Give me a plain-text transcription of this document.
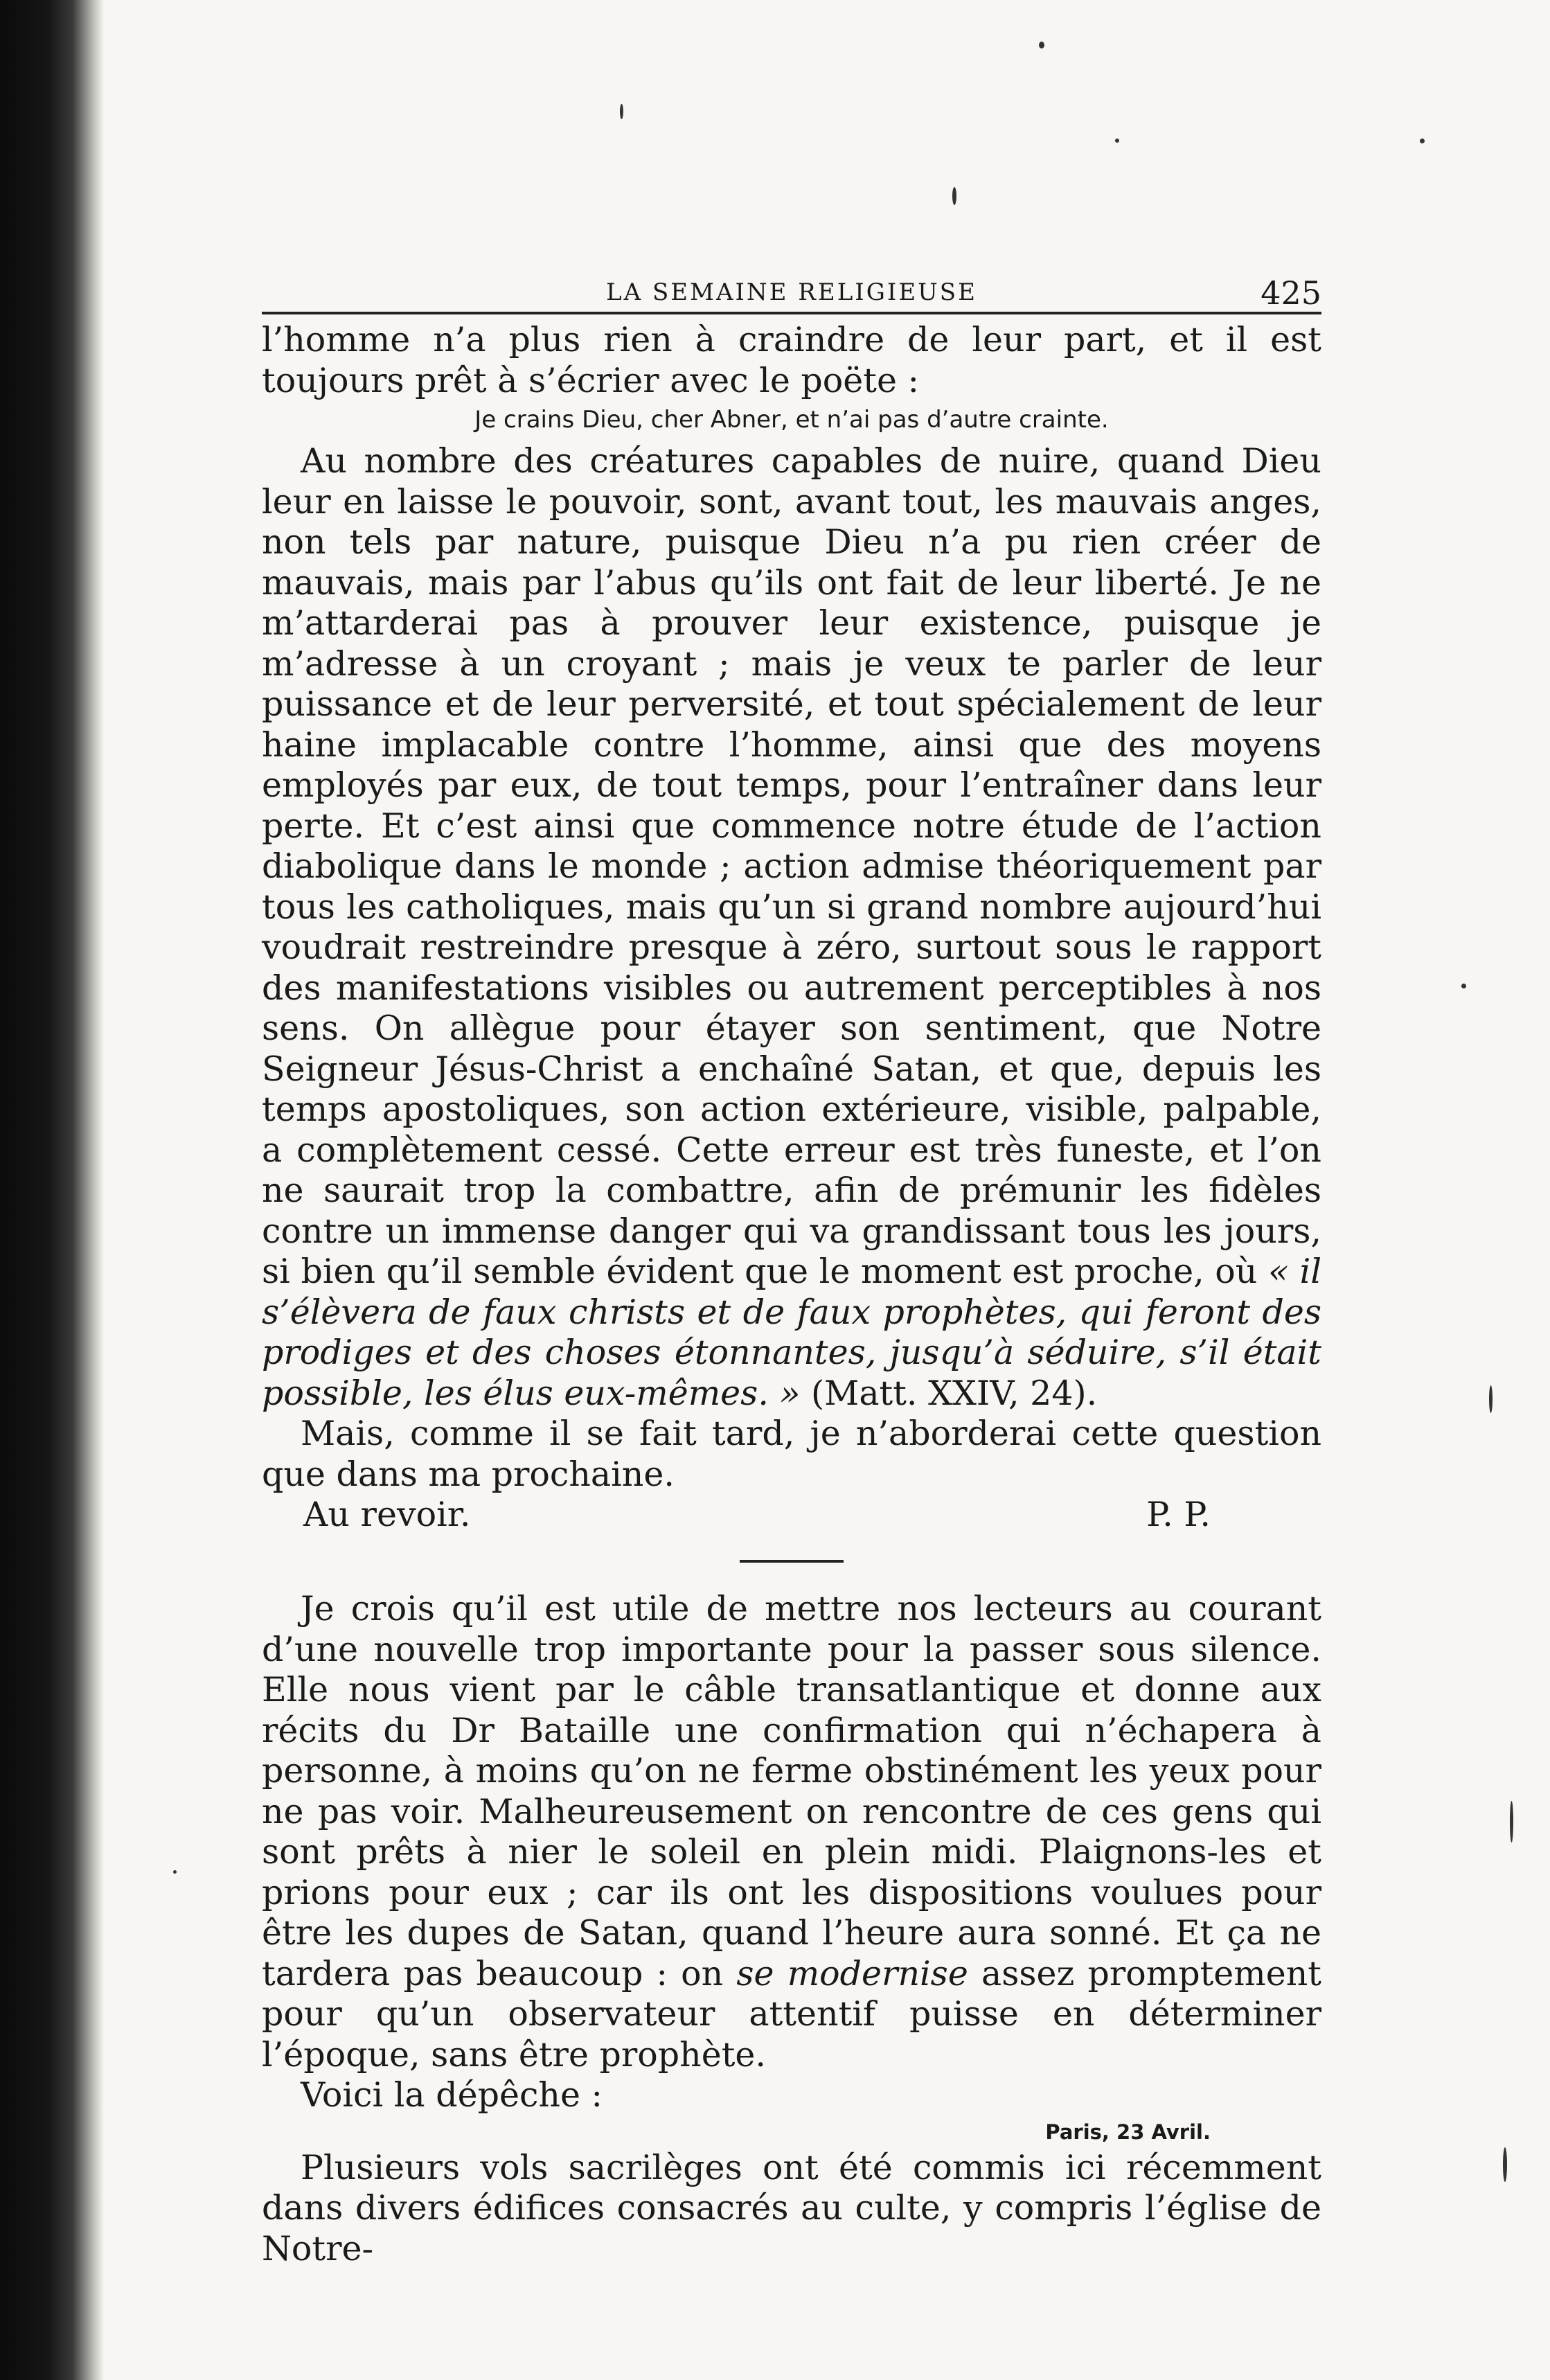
LA SEMAINE RELIGIEUSE	425

l’homme n’a plus rien à craindre de leur part, et il est toujours prêt à s’écrier avec le poëte :

Je crains Dieu, cher Abner, et n’ai pas d’autre crainte.

Au nombre des créatures capables de nuire, quand Dieu leur en laisse le pouvoir, sont, avant tout, les mauvais anges, non tels par nature, puisque Dieu n’a pu rien créer de mauvais, mais par l’abus qu’ils ont fait de leur liberté. Je ne m’attarderai pas à prouver leur existence, puisque je m’adresse à un croyant ; mais je veux te parler de leur puissance et de leur perversité, et tout spécialement de leur haine implacable contre l’homme, ainsi que des moyens employés par eux, de tout temps, pour l’entraîner dans leur perte. Et c’est ainsi que commence notre étude de l’action diabolique dans le monde ; action admise théoriquement par tous les catholiques, mais qu’un si grand nombre aujourd’hui voudrait restreindre presque à zéro, surtout sous le rapport des manifestations visibles ou autrement perceptibles à nos sens. On allègue pour étayer son sentiment, que Notre Seigneur Jésus-Christ a enchaîné Satan, et que, depuis les temps apostoliques, son action extérieure, visible, palpable, a complètement cessé. Cette erreur est très funeste, et l’on ne saurait trop la combattre, afin de prémunir les fidèles contre un immense danger qui va grandissant tous les jours, si bien qu’il semble évident que le moment est proche, où « il s’élèvera de faux christs et de faux prophètes, qui feront des prodiges et des choses étonnantes, jusqu’à séduire, s’il était possible, les élus eux-mêmes. » (Matt. XXIV, 24).

Mais, comme il se fait tard, je n’aborderai cette question que dans ma prochaine.

Au revoir.	P. P.

Je crois qu’il est utile de mettre nos lecteurs au courant d’une nouvelle trop importante pour la passer sous silence. Elle nous vient par le câble transatlantique et donne aux récits du Dr Bataille une confirmation qui n’échapera à personne, à moins qu’on ne ferme obstinément les yeux pour ne pas voir. Malheureusement on rencontre de ces gens qui sont prêts à nier le soleil en plein midi. Plaignons-les et prions pour eux ; car ils ont les dispositions voulues pour être les dupes de Satan, quand l’heure aura sonné. Et ça ne tardera pas beaucoup : on se modernise assez promptement pour qu’un observateur attentif puisse en déterminer l’époque, sans être prophète.

Voici la dépêche :

Paris, 23 Avril.

Plusieurs vols sacrilèges ont été commis ici récemment dans divers édifices consacrés au culte, y compris l’église de Notre-
